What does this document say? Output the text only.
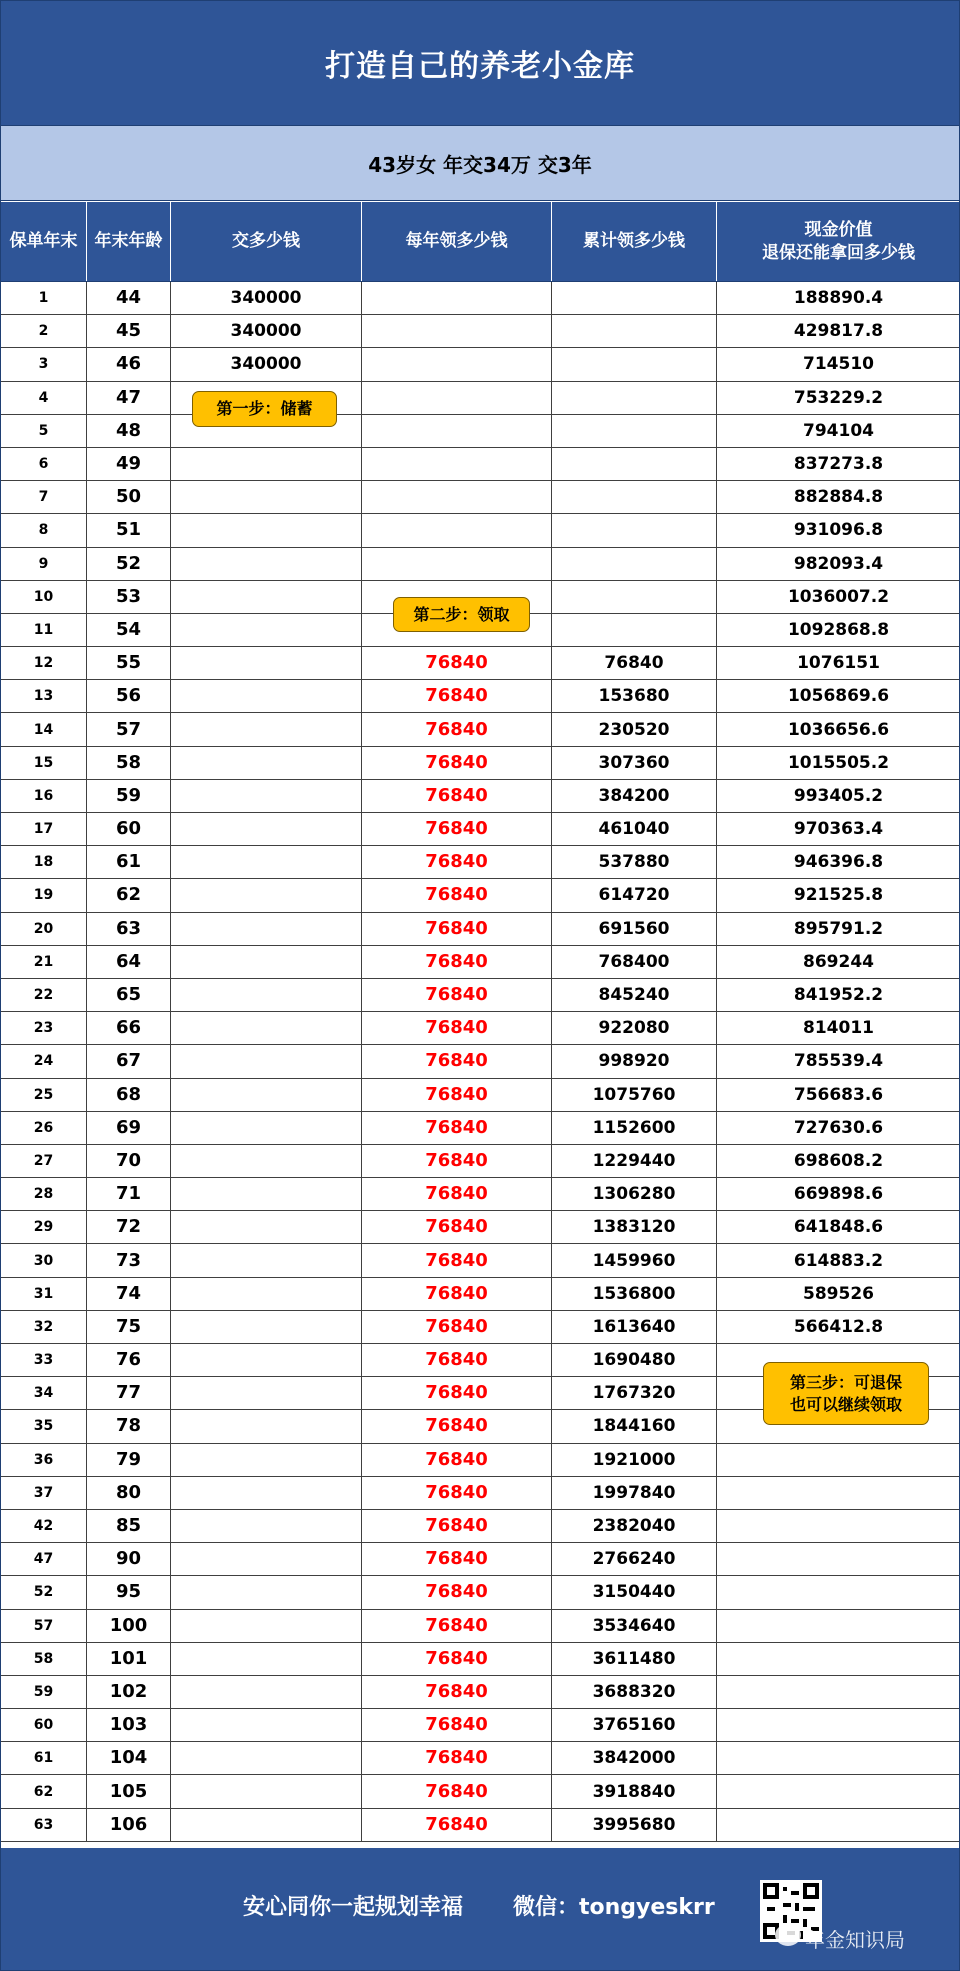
打造自己的养老小金库
43岁女 年交34万 交3年
保单年末	年末年龄	交多少钱	每年领多少钱	累计领多少钱	现金价值
退保还能拿回多少钱
1	44	340000			188890.4
2	45	340000			429817.8
3	46	340000			714510
4	47				753229.2
5	48				794104
6	49				837273.8
7	50				882884.8
8	51				931096.8
9	52				982093.4
10	53				1036007.2
11	54				1092868.8
12	55		76840	76840	1076151
13	56		76840	153680	1056869.6
14	57		76840	230520	1036656.6
15	58		76840	307360	1015505.2
16	59		76840	384200	993405.2
17	60		76840	461040	970363.4
18	61		76840	537880	946396.8
19	62		76840	614720	921525.8
20	63		76840	691560	895791.2
21	64		76840	768400	869244
22	65		76840	845240	841952.2
23	66		76840	922080	814011
24	67		76840	998920	785539.4
25	68		76840	1075760	756683.6
26	69		76840	1152600	727630.6
27	70		76840	1229440	698608.2
28	71		76840	1306280	669898.6
29	72		76840	1383120	641848.6
30	73		76840	1459960	614883.2
31	74		76840	1536800	589526
32	75		76840	1613640	566412.8
33	76		76840	1690480	
34	77		76840	1767320	
35	78		76840	1844160	
36	79		76840	1921000	
37	80		76840	1997840	
42	85		76840	2382040	
47	90		76840	2766240	
52	95		76840	3150440	
57	100		76840	3534640	
58	101		76840	3611480	
59	102		76840	3688320	
60	103		76840	3765160	
61	104		76840	3842000	
62	105		76840	3918840	
63	106		76840	3995680	
第一步：储蓄
第二步：领取
第三步：可退保
也可以继续领取
安心同你一起规划幸福 微信：tongyeskrr
年金知识局
